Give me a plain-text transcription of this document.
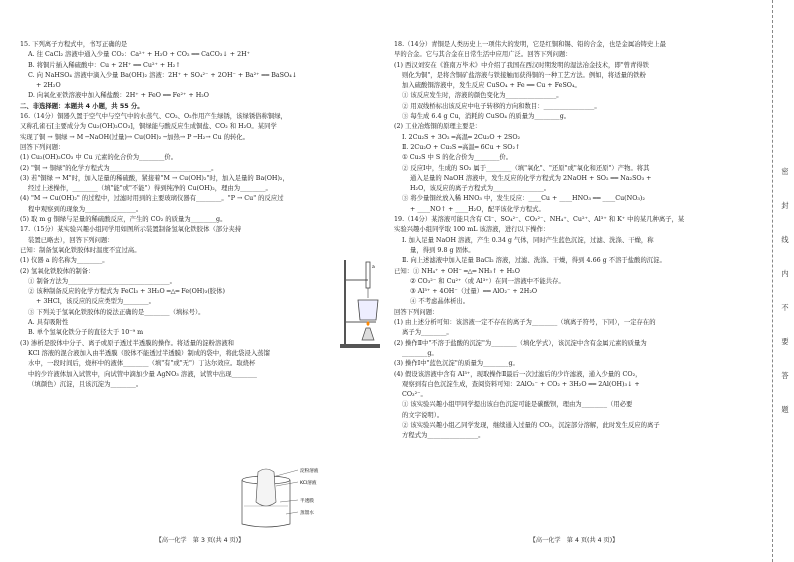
15. 下列离子方程式中，书写正确的是
A. 往 CaCl₂ 溶液中通入少量 CO₂：Ca²⁺ + H₂O + CO₂ ══ CaCO₃↓ + 2H⁺
B. 将铜片插入稀硫酸中：Cu + 2H⁺ ══ Cu²⁺ + H₂↑
C. 向 NaHSO₄ 溶液中滴入少量 Ba(OH)₂ 溶液：2H⁺ + SO₄²⁻ + 2OH⁻ + Ba²⁺ ══ BaSO₄↓
+ 2H₂O
D. 向氧化亚铁溶液中加入稀盐酸：2H⁺ + FeO ══ Fe²⁺ + H₂O
二、非选择题：本题共 4 小题，共 55 分。
16.（14分）铜器久置于空气中与空气中的水蒸气、CO₂、O₂作用产生绿锈，该绿锈俗称铜绿，
又称孔雀石[主要成分为 Cu₂(OH)₂CO₃]，铜绿能与酸反应生成铜盐、CO₂ 和 H₂O。某同学
实现了铜 → 铜绿 → M ─NaOH(过量)→ Cu(OH)₂ ─加热→ P ─H₂→ Cu 的转化。
回答下列问题：
(1) Cu₂(OH)₂CO₃ 中 Cu 元素的化合价为________价。
(2) "铜 → 铜绿"的化学方程式为________________________________。
(3) 若"铜绿 → M"时，加入足量的稀硫酸，紧接着"M → Cu(OH)₂"时，加入足量的 Ba(OH)₂，
经过上述操作，________（填"能"或"不能"）得到纯净的 Cu(OH)₂，理由为________。
(4) "M → Cu(OH)₂" 的过程中，过滤时用到的主要玻璃仪器有________。"P → Cu" 的反应过
程中观察到的现象为________________。
(5) 取 m g 铜绿与足量的稀硫酸反应，产生的 CO₂ 的质量为________g。
17.（15分）某实验兴趣小组同学用如图所示装置制备氢氧化铁胶体（部分夹持
装置已略去），回答下列问题：
已知：制备氢氧化铁胶体时温度不宜过高。
(1) 仪器 a 的名称为________。
(2) 氢氧化铁胶体的制备：
① 制备方法为________________________________。
② 该种制备反应的化学方程式为 FeCl₃ + 3H₂O ═△═ Fe(OH)₃(胶体)
+ 3HCl，该反应的反应类型为________。
③ 下列关于氢氧化铁胶体的说法正确的是________（填标号）。
A. 具有吸附性
B. 单个氢氧化铁分子的直径大于 10⁻⁹ m
(3) 渗析是胶体中分子、离子或原子透过半透膜的操作。将适量的淀粉溶液和
KCl 溶液的混合液加入由半透膜（胶体不能透过半透膜）制成的袋中，将此袋浸入蒸馏
水中，一段时间后，烧杯中的液体________（填"有"或"无"）丁达尔效应。取烧杯
中的少许液体加入试管中，向试管中滴加少量 AgNO₃ 溶液，试管中出现________
（填颜色）沉淀，且该沉淀为________。
18.（14分）青铜是人类历史上一项伟大的发明，它是红铜和锡、铅的合金，也是金属冶铸史上最
早的合金。它与其合金在日常生活中应用广泛。回答下列问题：
(1) 西汉刘安在《淮南万毕术》中介绍了我国在西汉时期发明的湿法冶金技术，即"曾青得铁
则化为铜"，是将含铜矿盐溶液与铁接触而获得铜的一种工艺方法。例如，将适量的铁粉
加入硫酸铜溶液中，发生反应 CuSO₄ + Fe ══ Cu + FeSO₄。
① 该反应发生时，溶液的颜色变化为________________。
② 用双线桥标出该反应中电子转移的方向和数目：________________。
③ 每生成 6.4 g Cu，消耗的 CuSO₄ 的质量为________g。
(2) 工业冶炼铜的原理主要是：
Ⅰ. 2Cu₂S + 3O₂ ═高温═ 2Cu₂O + 2SO₂
Ⅱ. 2Cu₂O + Cu₂S ═高温═ 6Cu + SO₂↑
① Cu₂S 中 S 的化合价为________价。
② 反应Ⅰ中，生成的 SO₂ 属于________（填"氧化"、"还原"或"氧化和还原"）产物。将其
通入足量的 NaOH 溶液中，发生反应的化学方程式为 2NaOH + SO₂ ══ Na₂SO₃ +
H₂O，该反应的离子方程式为________________。
③ 将少量铜丝放入稀 HNO₃ 中，发生反应：____Cu + ____HNO₃ ══ ____Cu(NO₃)₂
+ ____NO↑ + ____H₂O，配平该化学方程式。
19.（14分）某溶液可能只含有 Cl⁻、SO₄²⁻、CO₃²⁻、NH₄⁺、Cu²⁺、Al³⁺ 和 K⁺ 中的某几种离子，某
实验兴趣小组同学取 100 mL 该溶液，进行以下操作：
Ⅰ. 加入足量 NaOH 溶液，产生 0.34 g 气体，同时产生蓝色沉淀，过滤、洗涤、干燥，称
量，得到 9.8 g 固体。
Ⅱ. 向上述滤液中加入足量 BaCl₂ 溶液，过滤、洗涤、干燥，得到 4.66 g 不溶于盐酸的沉淀。
已知：① NH₄⁺ + OH⁻ ═△═ NH₃↑ + H₂O
② CO₃²⁻ 和 Cu²⁺（或 Al³⁺）在同一溶液中不能共存。
③ Al³⁺ + 4OH⁻（过量）══ AlO₂⁻ + 2H₂O
④ 不考虑晶体析出。
回答下列问题：
(1) 由上述分析可知：该溶液一定不存在的离子为________（填离子符号，下同），一定存在的
离子为________。
(2) 操作Ⅱ中"不溶于盐酸的沉淀"为________（填化学式），该沉淀中含有金属元素的质量为
________g。
(3) 操作Ⅰ中"蓝色沉淀"的质量为________g。
(4) 假设该溶液中含有 Al³⁺，现取操作Ⅱ最后一次过滤后的少许滤液，通入少量的 CO₂，
观察到有白色沉淀生成，查阅资料可知：2AlO₂⁻ + CO₂ + 3H₂O ══ 2Al(OH)₃↓ +
CO₃²⁻。
① 该实验兴趣小组甲同学提出该白色沉淀可能是碳酸钡，理由为________（用必要
的文字说明）。
② 该实验兴趣小组乙同学发现，继续通入过量的 CO₂，沉淀部分溶解，此时发生反应的离子
方程式为________________。
【高一化学　第 3 页(共 4 页)】	【高一化学　第 4 页(共 4 页)】
a
淀粉溶液
KCl溶液
半透膜
蒸馏水
密
封
线
内
不
要
答
题
